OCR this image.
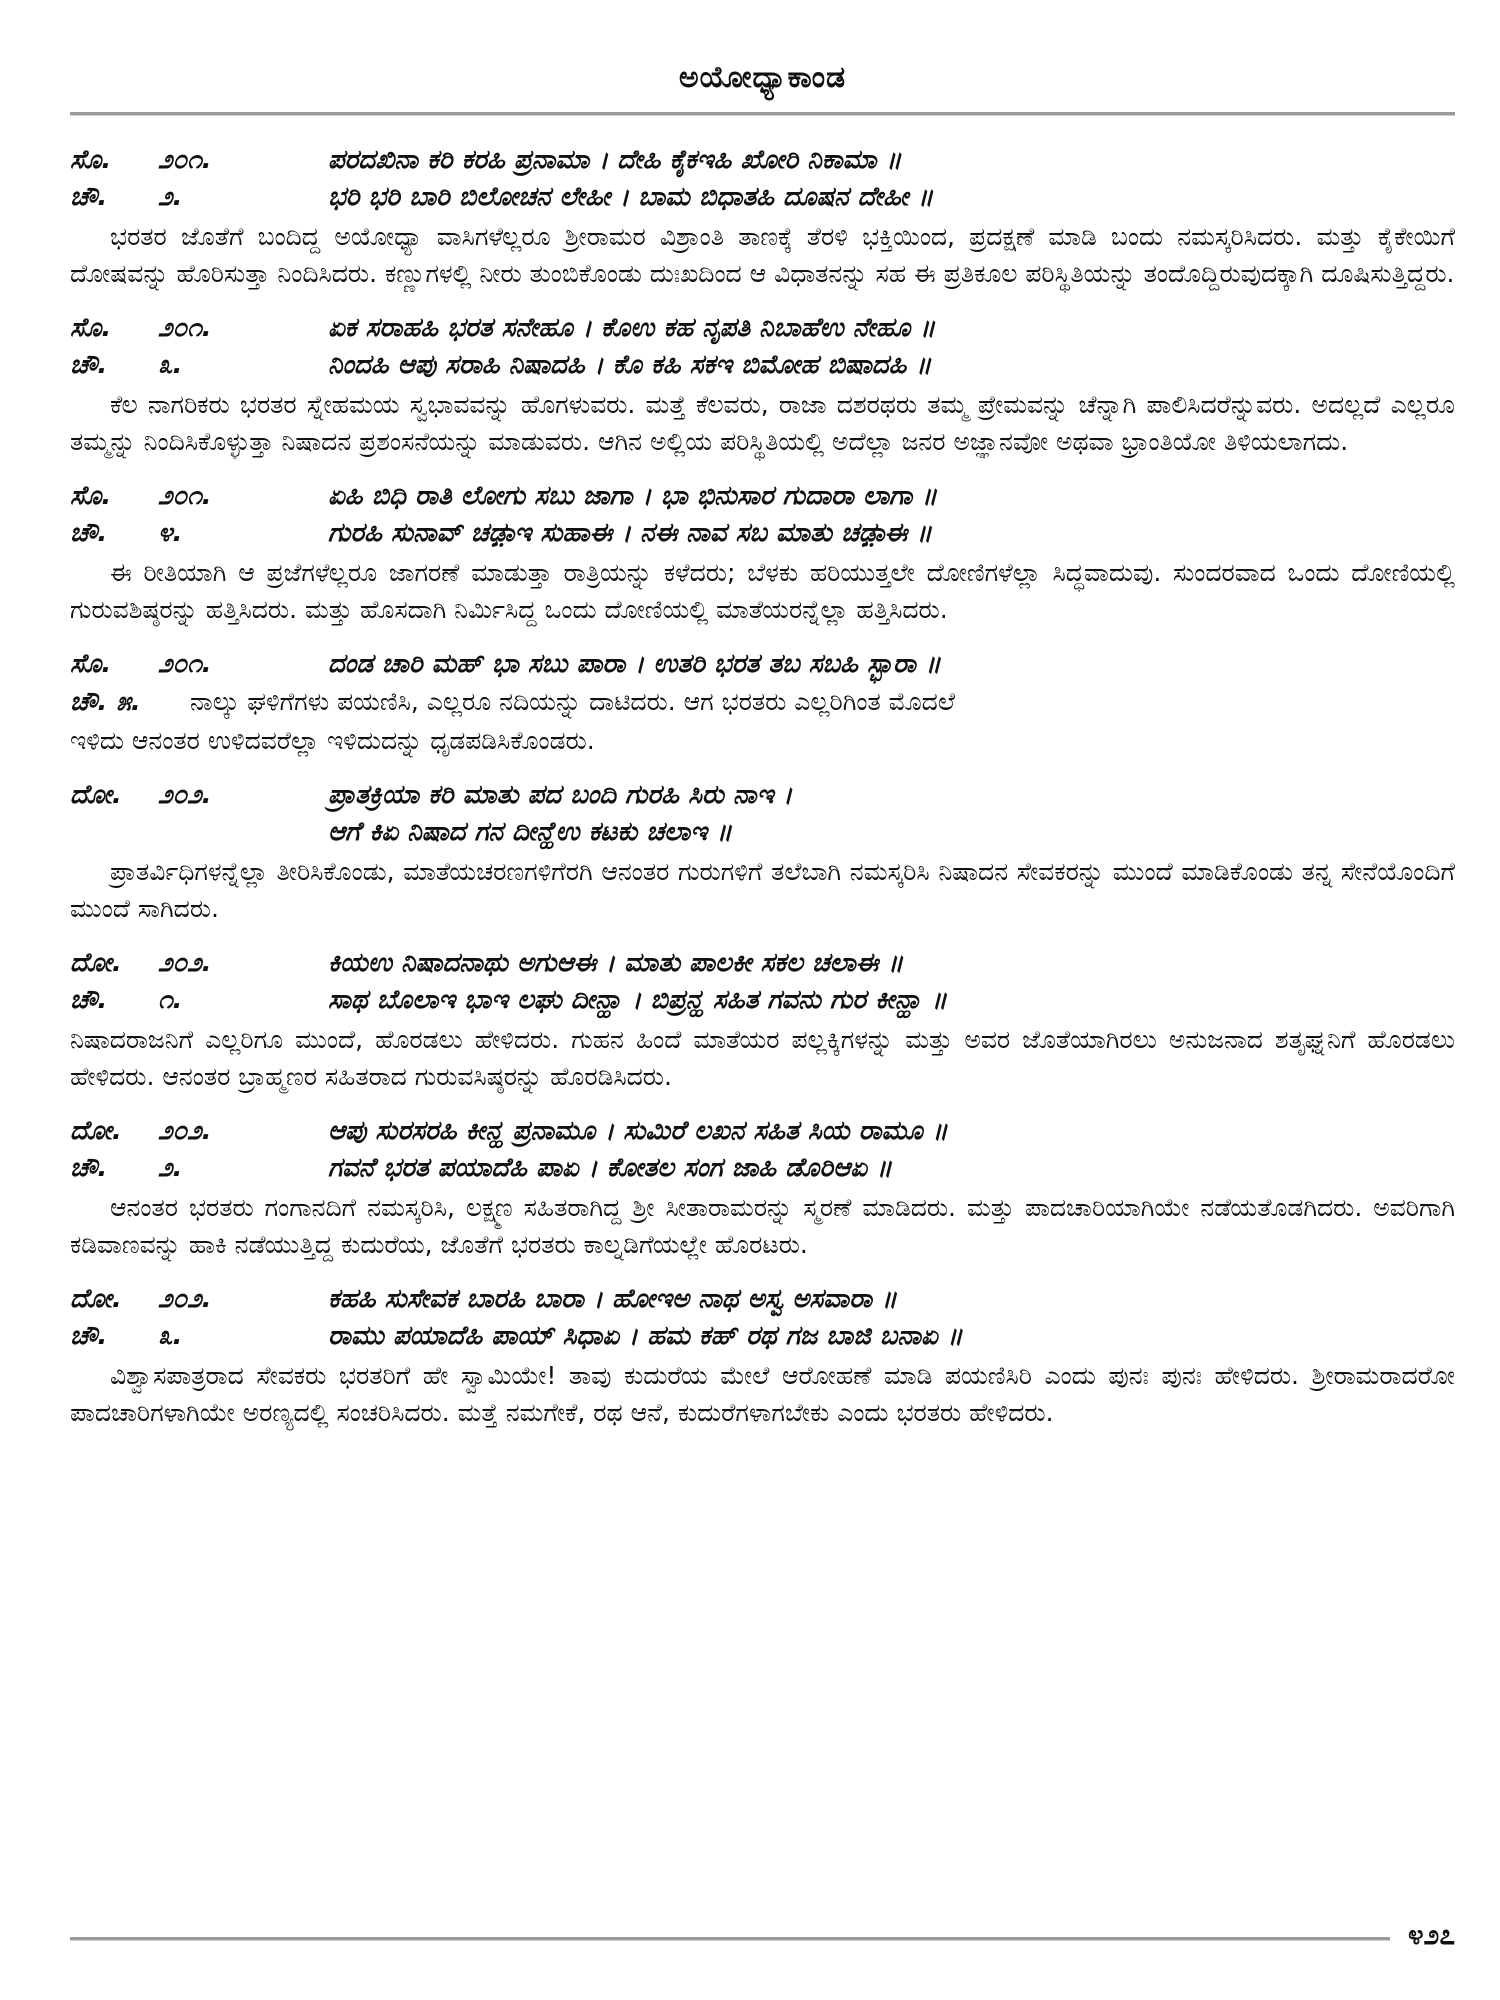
ಅಯೋಧ್ಯಾಕಾಂಡ
ಸೊ.	೨೦೧.	ಪರದಖಿನಾ ಕರಿ ಕರಹಿ ಪ್ರನಾಮಾ । ದೇಹಿ ಕೈಕಇಹಿ ಖೋರಿ ನಿಕಾಮಾ ॥
ಚೌ.	೨.	ಭರಿ ಭರಿ ಬಾರಿ ಬಿಲೋಚನ ಲೇಹೀ । ಬಾಮ ಬಿಧಾತಹಿ ದೂಷನ ದೇಹೀ ॥

ಭರತರ ಜೊತೆಗೆ ಬಂದಿದ್ದ ಅಯೋಧ್ಯಾ ವಾಸಿಗಳೆಲ್ಲರೂ ಶ್ರೀರಾಮರ ವಿಶ್ರಾಂತಿ ತಾಣಕ್ಕೆ ತೆರಳಿ ಭಕ್ತಿಯಿಂದ, ಪ್ರದಕ್ಷಣೆ ಮಾಡಿ ಬಂದು ನಮಸ್ಕರಿಸಿದರು. ಮತ್ತು ಕೈಕೇಯಿಗೆ ದೋಷವನ್ನು ಹೊರಿಸುತ್ತಾ ನಿಂದಿಸಿದರು. ಕಣ್ಣುಗಳಲ್ಲಿ ನೀರು ತುಂಬಿಕೊಂಡು ದುಃಖದಿಂದ ಆ ವಿಧಾತನನ್ನು ಸಹ ಈ ಪ್ರತಿಕೂಲ ಪರಿಸ್ಥಿತಿಯನ್ನು ತಂದೊದ್ದಿರುವುದಕ್ಕಾಗಿ ದೂಷಿಸುತ್ತಿದ್ದರು.

ಸೊ.	೨೦೧.	ಏಕ ಸರಾಹಹಿ ಭರತ ಸನೇಹೂ । ಕೊಉ ಕಹ ನೃಪತಿ ನಿಬಾಹೆಉ ನೇಹೂ ॥
ಚೌ.	೩.	ನಿಂದಹಿ ಆಪು ಸರಾಹಿ ನಿಷಾದಹಿ । ಕೊ ಕಹಿ ಸಕಇ ಬಿಮೋಹ ಬಿಷಾದಹಿ ॥

ಕೆಲ ನಾಗರಿಕರು ಭರತರ ಸ್ನೇಹಮಯ ಸ್ವಭಾವವನ್ನು ಹೊಗಳುವರು. ಮತ್ತೆ ಕೆಲವರು, ರಾಜಾ ದಶರಥರು ತಮ್ಮ ಪ್ರೇಮವನ್ನು ಚೆನ್ನಾಗಿ ಪಾಲಿಸಿದರೆನ್ನುವರು. ಅದಲ್ಲದೆ ಎಲ್ಲರೂ ತಮ್ಮನ್ನು ನಿಂದಿಸಿಕೊಳ್ಳುತ್ತಾ ನಿಷಾದನ ಪ್ರಶಂಸನೆಯನ್ನು ಮಾಡುವರು. ಆಗಿನ ಅಲ್ಲಿಯ ಪರಿಸ್ಥಿತಿಯಲ್ಲಿ ಅದೆಲ್ಲಾ ಜನರ ಅಜ್ಞಾನವೋ ಅಥವಾ ಭ್ರಾಂತಿಯೋ ತಿಳಿಯಲಾಗದು.

ಸೊ.	೨೦೧.	ಏಹಿ ಬಿಧಿ ರಾತಿ ಲೋಗು ಸಬು ಜಾಗಾ । ಭಾ ಭಿನುಸಾರ ಗುದಾರಾ ಲಾಗಾ ॥
ಚೌ.	೪.	ಗುರಹಿ ಸುನಾವ್ ಚಢ಼ಾಇ ಸುಹಾಈ । ನಈ ನಾವ ಸಬ ಮಾತು ಚಢ಼ಾಈ ॥

ಈ ರೀತಿಯಾಗಿ ಆ ಪ್ರಜೆಗಳೆಲ್ಲರೂ ಜಾಗರಣೆ ಮಾಡುತ್ತಾ ರಾತ್ರಿಯನ್ನು ಕಳೆದರು; ಬೆಳಕು ಹರಿಯುತ್ತಲೇ ದೋಣಿಗಳೆಲ್ಲಾ ಸಿದ್ಧವಾದುವು. ಸುಂದರವಾದ ಒಂದು ದೋಣಿಯಲ್ಲಿ ಗುರುವಶಿಷ್ಠರನ್ನು ಹತ್ತಿಸಿದರು. ಮತ್ತು ಹೊಸದಾಗಿ ನಿರ್ಮಿಸಿದ್ದ ಒಂದು ದೋಣಿಯಲ್ಲಿ ಮಾತೆಯರನ್ನೆಲ್ಲಾ ಹತ್ತಿಸಿದರು.

ಸೊ.	೨೦೧.	ದಂಡ ಚಾರಿ ಮಹ್ ಭಾ ಸಬು ಪಾರಾ । ಉತರಿ ಭರತ ತಬ ಸಬಹಿ ಸ್ಭಾರಾ ॥
ಚೌ. ೫.	ನಾಲ್ಕು ಘಳಿಗೆಗಳು ಪಯಣಿಸಿ, ಎಲ್ಲರೂ ನದಿಯನ್ನು ದಾಟಿದರು. ಆಗ ಭರತರು ಎಲ್ಲರಿಗಿಂತ ಮೊದಲೆ

ಇಳಿದು ಆನಂತರ ಉಳಿದವರೆಲ್ಲಾ ಇಳಿದುದನ್ನು ಧೃಡಪಡಿಸಿಕೊಂಡರು.

ದೋ.	೨೦೨.	ಪ್ರಾತಕ್ರಿಯಾ ಕರಿ ಮಾತು ಪದ ಬಂದಿ ಗುರಹಿ ಸಿರು ನಾಇ ।
ಆಗೆ ಕಿಏ ನಿಷಾದ ಗನ ದೀನ್ಹೆಉ ಕಟಕು ಚಲಾಇ ॥

ಪ್ರಾತರ್ವಿಧಿಗಳನ್ನೆಲ್ಲಾ ತೀರಿಸಿಕೊಂಡು, ಮಾತೆಯಚರಣಗಳಿಗೆರಗಿ ಆನಂತರ ಗುರುಗಳಿಗೆ ತಲೆಬಾಗಿ ನಮಸ್ಕರಿಸಿ ನಿಷಾದನ ಸೇವಕರನ್ನು ಮುಂದೆ ಮಾಡಿಕೊಂಡು ತನ್ನ ಸೇನೆಯೊಂದಿಗೆ ಮುಂದೆ ಸಾಗಿದರು.

ದೋ.	೨೦೨.	ಕಿಯಉ ನಿಷಾದನಾಥು ಅಗುಆಈ । ಮಾತು ಪಾಲಕೀ ಸಕಲ ಚಲಾಈ ॥
ಚೌ.	೧.	ಸಾಥ ಬೊಲಾಇ ಭಾಇ ಲಘು ದೀನ್ಹಾ । ಬಿಪ್ರನ್ಹ ಸಹಿತ ಗವನು ಗುರ ಕೀನ್ಹಾ ॥

ನಿಷಾದರಾಜನಿಗೆ ಎಲ್ಲರಿಗೂ ಮುಂದೆ, ಹೊರಡಲು ಹೇಳಿದರು. ಗುಹನ ಹಿಂದೆ ಮಾತೆಯರ ಪಲ್ಲಕ್ಕಿಗಳನ್ನು ಮತ್ತು ಅವರ ಜೊತೆಯಾಗಿರಲು ಅನುಜನಾದ ಶತೃಘ್ನನಿಗೆ ಹೊರಡಲು ಹೇಳಿದರು. ಆನಂತರ ಬ್ರಾಹ್ಮಣರ ಸಹಿತರಾದ ಗುರುವಸಿಷ್ಠರನ್ನು ಹೊರಡಿಸಿದರು.

ದೋ.	೨೦೨.	ಆಪು ಸುರಸರಹಿ ಕೀನ್ಹ ಪ್ರನಾಮೂ । ಸುಮಿರೆ ಲಖನ ಸಹಿತ ಸಿಯ ರಾಮೂ ॥
ಚೌ.	೨.	ಗವನೆ ಭರತ ಪಯಾದೆಹಿ ಪಾಏ । ಕೋತಲ ಸಂಗ ಜಾಹಿ ಡೊರಿಆಏ ॥

ಆನಂತರ ಭರತರು ಗಂಗಾನದಿಗೆ ನಮಸ್ಕರಿಸಿ, ಲಕ್ಷ್ಮಣ ಸಹಿತರಾಗಿದ್ದ ಶ್ರೀ ಸೀತಾರಾಮರನ್ನು ಸ್ಮರಣೆ ಮಾಡಿದರು. ಮತ್ತು ಪಾದಚಾರಿಯಾಗಿಯೇ ನಡೆಯತೊಡಗಿದರು. ಅವರಿಗಾಗಿ ಕಡಿವಾಣವನ್ನು ಹಾಕಿ ನಡೆಯುತ್ತಿದ್ದ ಕುದುರೆಯ, ಜೊತೆಗೆ ಭರತರು ಕಾಲ್ನಡಿಗೆಯಲ್ಲೇ ಹೊರಟರು.

ದೋ.	೨೦೨.	ಕಹಹಿ ಸುಸೇವಕ ಬಾರಹಿ ಬಾರಾ । ಹೋಇಅ ನಾಥ ಅಸ್ವ ಅಸವಾರಾ ॥
ಚೌ.	೩.	ರಾಮು ಪಯಾದೆಹಿ ಪಾಯ್ ಸಿಧಾಏ । ಹಮ ಕಹ್ ರಥ ಗಜ ಬಾಜಿ ಬನಾಏ ॥

ವಿಶ್ವಾಸಪಾತ್ರರಾದ ಸೇವಕರು ಭರತರಿಗೆ ಹೇ ಸ್ವಾಮಿಯೇ! ತಾವು ಕುದುರೆಯ ಮೇಲೆ ಆರೋಹಣೆ ಮಾಡಿ ಪಯಣಿಸಿರಿ ಎಂದು ಪುನಃ ಪುನಃ ಹೇಳಿದರು. ಶ್ರೀರಾಮರಾದರೋ ಪಾದಚಾರಿಗಳಾಗಿಯೇ ಅರಣ್ಯದಲ್ಲಿ ಸಂಚರಿಸಿದರು. ಮತ್ತೆ ನಮಗೇಕೆ, ರಥ ಆನೆ, ಕುದುರೆಗಳಾಗಬೇಕು ಎಂದು ಭರತರು ಹೇಳಿದರು.

೪೨೭
